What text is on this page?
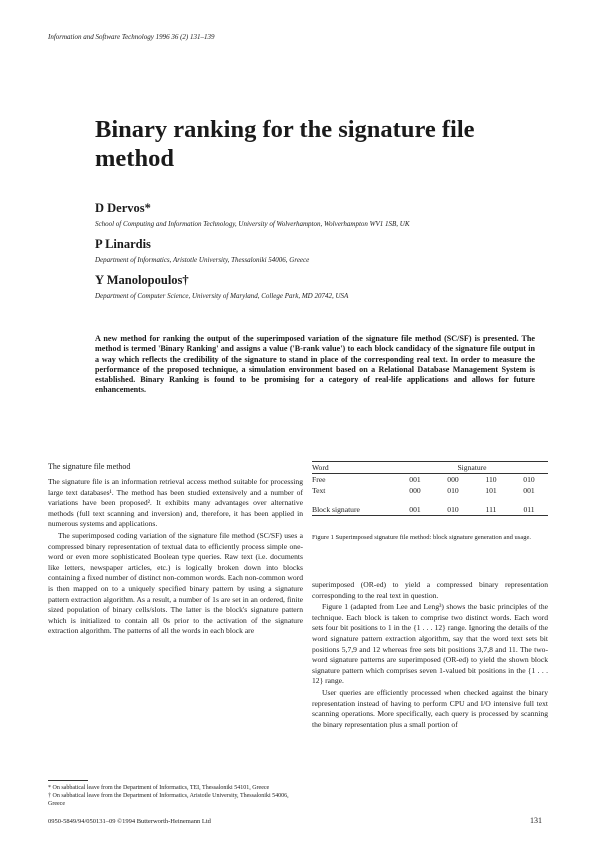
Information and Software Technology 1996 36 (2) 131–139
Binary ranking for the signature file method
D Dervos*
School of Computing and Information Technology, University of Wolverhampton, Wolverhampton WV1 1SB, UK
P Linardis
Department of Informatics, Aristotle University, Thessaloniki 54006, Greece
Y Manolopoulos†
Department of Computer Science, University of Maryland, College Park, MD 20742, USA

A new method for ranking the output of the superimposed variation of the signature file method (SC/SF) is presented. The method is termed 'Binary Ranking' and assigns a value ('B-rank value') to each block candidacy of the signature file output in a way which reflects the credibility of the signature to stand in place of the corresponding real text. In order to measure the performance of the proposed technique, a simulation environment based on a Relational Database Management System is established. Binary Ranking is found to be promising for a category of real-life applications and allows for future enhancements.

The signature file method

The signature file is an information retrieval access method suitable for processing large text databases¹. The method has been studied extensively and a number of variations have been proposed². It exhibits many advantages over alternative methods (full text scanning and inversion) and, therefore, it has been applied in numerous systems and applications.

The superimposed coding variation of the signature file method (SC/SF) uses a compressed binary representation of textual data to efficiently process simple one-word or even more sophisticated Boolean type queries. Raw text (i.e. documents like letters, newspaper articles, etc.) is logically broken down into blocks containing a fixed number of distinct non-common words. Each non-common word is then mapped on to a uniquely specified binary pattern by using a signature pattern extraction algorithm. As a result, a number of 1s are set in an ordered, finite sized population of binary cells/slots. The latter is the block's signature pattern which is initialized to contain all 0s prior to the activation of the signature extraction algorithm. The patterns of all the words in each block are

Word	Signature			
Free	001	000	110	010
Text	000	010	101	001

Block signature	001	010	111	011

Figure 1 Superimposed signature file method: block signature generation and usage.

superimposed (OR-ed) to yield a compressed binary representation corresponding to the real text in question.

Figure 1 (adapted from Lee and Leng³) shows the basic principles of the technique. Each block is taken to comprise two distinct words. Each word sets four bit positions to 1 in the {1 . . . 12} range. Ignoring the details of the word signature pattern extraction algorithm, say that the word text sets bit positions 5,7,9 and 12 whereas free sets bit positions 3,7,8 and 11. The two-word signature patterns are superimposed (OR-ed) to yield the shown block signature pattern which comprises seven 1-valued bit positions in the {1 . . . 12} range.

User queries are efficiently processed when checked against the binary representation instead of having to perform CPU and I/O intensive full text scanning operations. More specifically, each query is processed by scanning the binary representation plus a small portion of

* On sabbatical leave from the Department of Informatics, TEI, Thessaloniki 54101, Greece

† On sabbatical leave from the Department of Informatics, Aristotle University, Thessaloniki 54006, Greece

0950-5849/94/050131–09 ©1994 Butterworth-Heinemann Ltd	131
